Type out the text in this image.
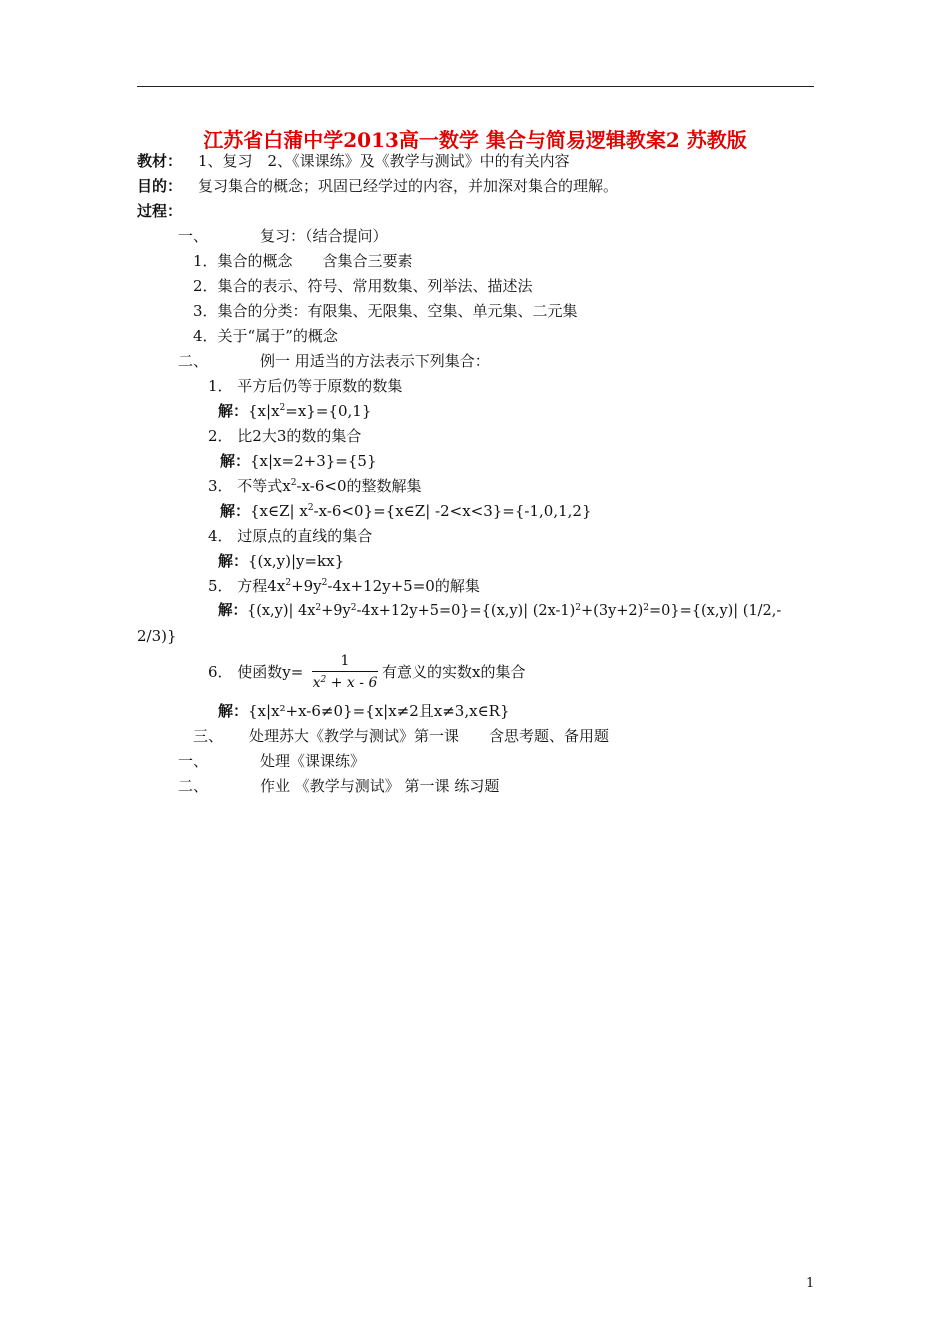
江苏省白蒲中学2013高一数学 集合与简易逻辑教案2 苏教版
教材： 1、复习　2、《课课练》及《教学与测试》中的有关内容
目的： 复习集合的概念；巩固已经学过的内容，并加深对集合的理解。
过程：
一、	复习：（结合提问）
1．集合的概念　　含集合三要素
2．集合的表示、符号、常用数集、列举法、描述法
3．集合的分类：有限集、无限集、空集、单元集、二元集
4．关于“属于”的概念
二、	例一 用适当的方法表示下列集合：
1． 平方后仍等于原数的数集
解：$\{x|x^2=x\}=\{0,1\}$
2． 比2大3的数的集合
解：{x|x=2+3}={5}
3． 不等式$x^2-x-6<0$的整数解集
解：{x∈Z| $x^2-x-6<0\}=\{x\in Z|$ -2<x<3}={-1,0,1,2}
4． 过原点的直线的集合
解：{(x,y)|y=kx}
5． 方程$4x^2+9y^2-4x+12y+5=0$的解集
解：{(x,y)| $4x^2+9y^2-4x+12y+5=0\}=\{(x,y)|$ $(2x-1)^2+(3y+2)^2=0\}=\{(x,y)|$ (1/2,-
2/3)}
6． 使函数y=
1
$x^2 + x - 6$
有意义的实数x的集合
解：{x|x²+x-6≠0}={x|x≠2且x≠3,x∈R}
三、 处理苏大《教学与测试》第一课　　含思考题、备用题
一、	处理《课课练》
二、	作业 《教学与测试》 第一课 练习题
1
